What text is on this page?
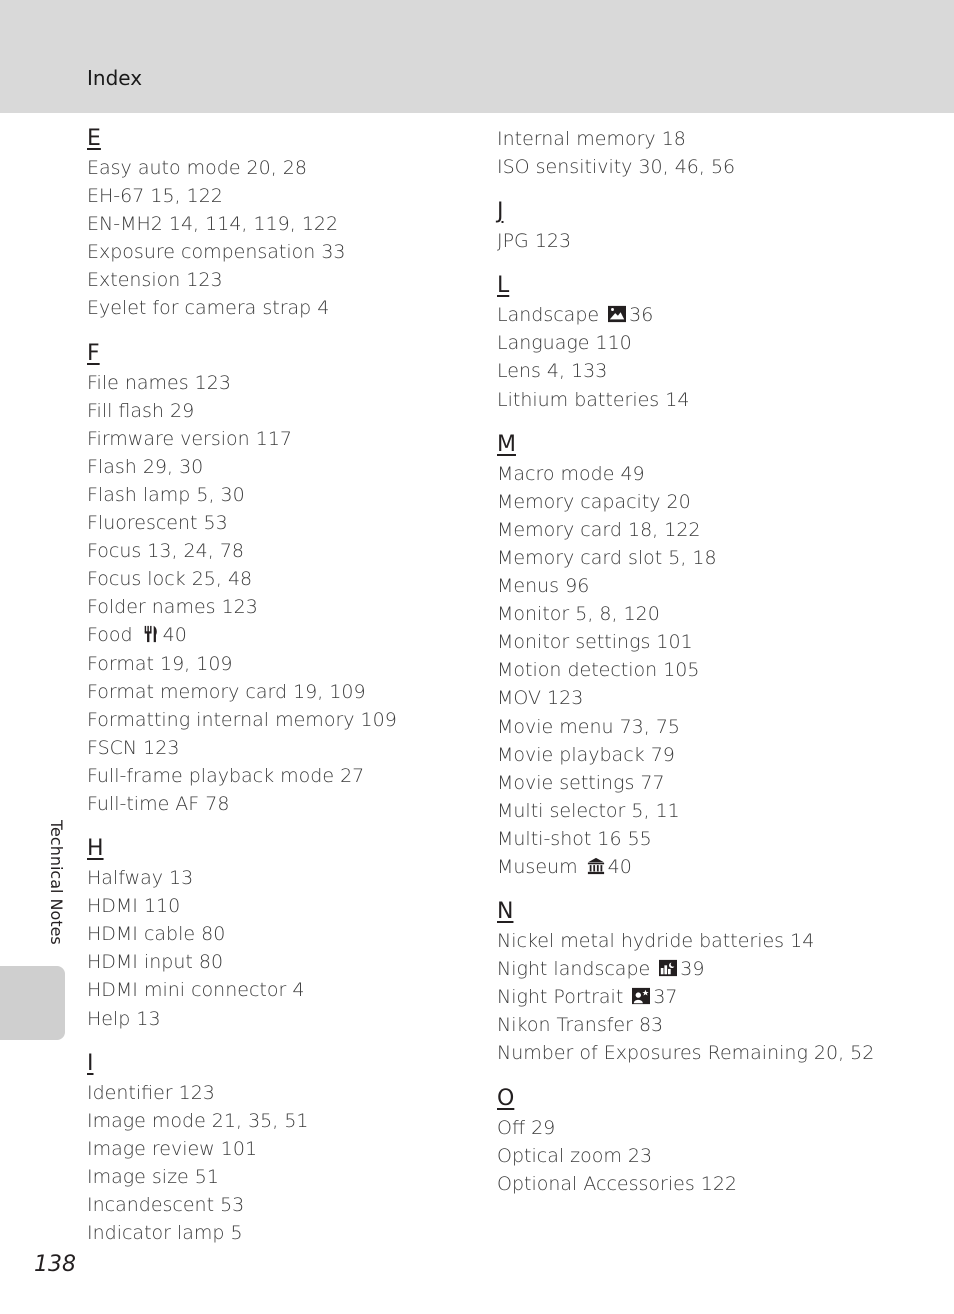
Index
E
Easy auto mode 20, 28
EH-67 15, 122
EN-MH2 14, 114, 119, 122
Exposure compensation 33
Extension 123
Eyelet for camera strap 4
F
File names 123
Fill flash 29
Firmware version 117
Flash 29, 30
Flash lamp 5, 30
Fluorescent 53
Focus 13, 24, 78
Focus lock 25, 48
Folder names 123
Food 40
Format 19, 109
Format memory card 19, 109
Formatting internal memory 109
FSCN 123
Full-frame playback mode 27
Full-time AF 78
H
Halfway 13
HDMI 110
HDMI cable 80
HDMI input 80
HDMI mini connector 4
Help 13
I
Identifier 123
Image mode 21, 35, 51
Image review 101
Image size 51
Incandescent 53
Indicator lamp 5
Internal memory 18
ISO sensitivity 30, 46, 56
J
JPG 123
L
Landscape 36
Language 110
Lens 4, 133
Lithium batteries 14
M
Macro mode 49
Memory capacity 20
Memory card 18, 122
Memory card slot 5, 18
Menus 96
Monitor 5, 8, 120
Monitor settings 101
Motion detection 105
MOV 123
Movie menu 73, 75
Movie playback 79
Movie settings 77
Multi selector 5, 11
Multi-shot 16 55
Museum 40
N
Nickel metal hydride batteries 14
Night landscape 39
Night Portrait 37
Nikon Transfer 83
Number of Exposures Remaining 20, 52
O
Off 29
Optical zoom 23
Optional Accessories 122
Technical Notes
138
